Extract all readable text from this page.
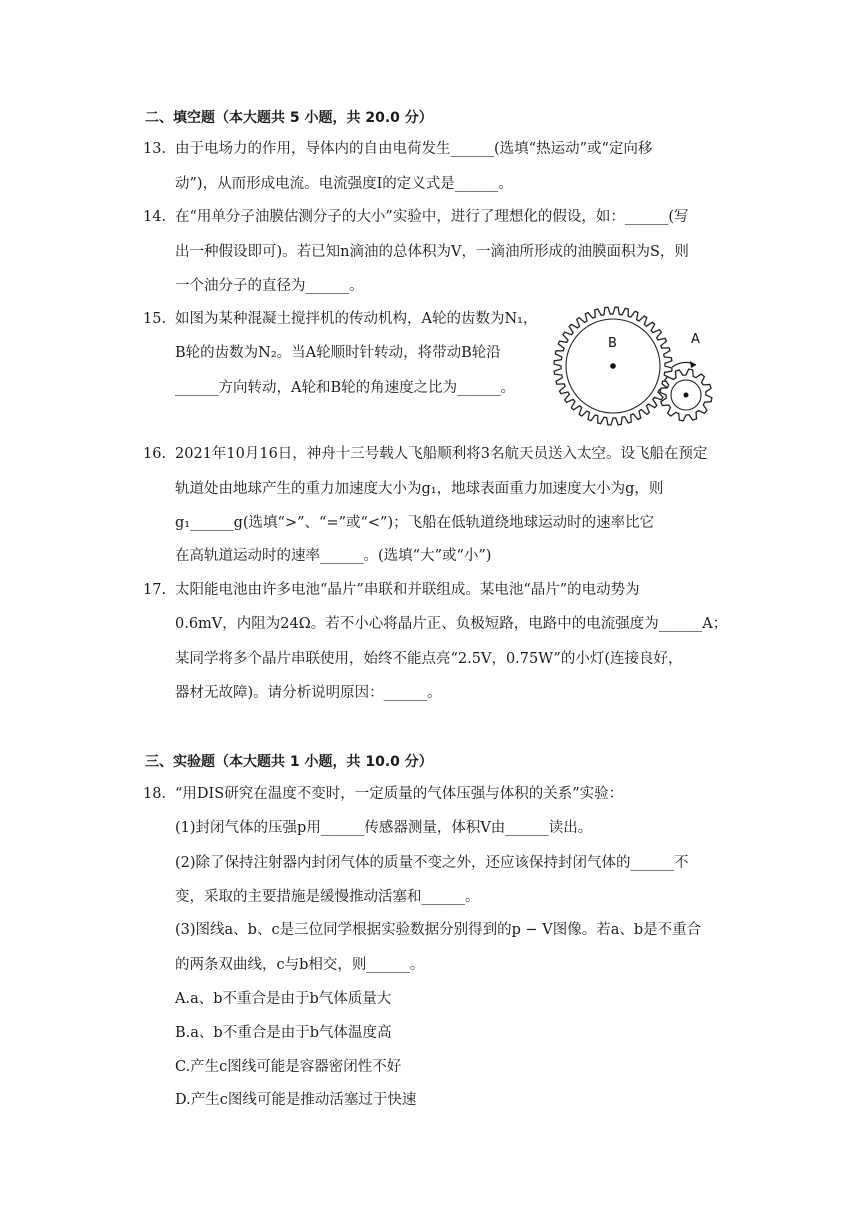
二、填空题（本大题共 5 小题，共 20.0 分）
13. 由于电场力的作用，导体内的自由电荷发生______(选填“热运动”或“定向移
动”)，从而形成电流。电流强度I的定义式是______。
14. 在“用单分子油膜估测分子的大小”实验中，进行了理想化的假设，如：______(写
出一种假设即可)。若已知n滴油的总体积为V，一滴油所形成的油膜面积为S，则
一个油分子的直径为______。
15. 如图为某种混凝土搅拌机的传动机构，A轮的齿数为N₁，
B轮的齿数为N₂。当A轮顺时针转动，将带动B轮沿
______方向转动，A轮和B轮的角速度之比为______。
B	A
16. 2021年10月16日，神舟十三号载人飞船顺利将3名航天员送入太空。设飞船在预定
轨道处由地球产生的重力加速度大小为g₁，地球表面重力加速度大小为g，则
g₁______g(选填“>”、“=”或“<”)；飞船在低轨道绕地球运动时的速率比它
在高轨道运动时的速率______。(选填“大”或“小”)
17. 太阳能电池由许多电池“晶片”串联和并联组成。某电池“晶片”的电动势为
0.6mV，内阻为24Ω。若不小心将晶片正、负极短路，电路中的电流强度为______A；
某同学将多个晶片串联使用，始终不能点亮“2.5V，0.75W”的小灯(连接良好，
器材无故障)。请分析说明原因：______。
三、实验题（本大题共 1 小题，共 10.0 分）
18. “用DIS研究在温度不变时，一定质量的气体压强与体积的关系”实验：
(1)封闭气体的压强p用______传感器测量，体积V由______读出。
(2)除了保持注射器内封闭气体的质量不变之外，还应该保持封闭气体的______不
变，采取的主要措施是缓慢推动活塞和______。
(3)图线a、b、c是三位同学根据实验数据分别得到的p − V图像。若a、b是不重合
的两条双曲线，c与b相交，则______。
A.a、b不重合是由于b气体质量大
B.a、b不重合是由于b气体温度高
C.产生c图线可能是容器密闭性不好
D.产生c图线可能是推动活塞过于快速
